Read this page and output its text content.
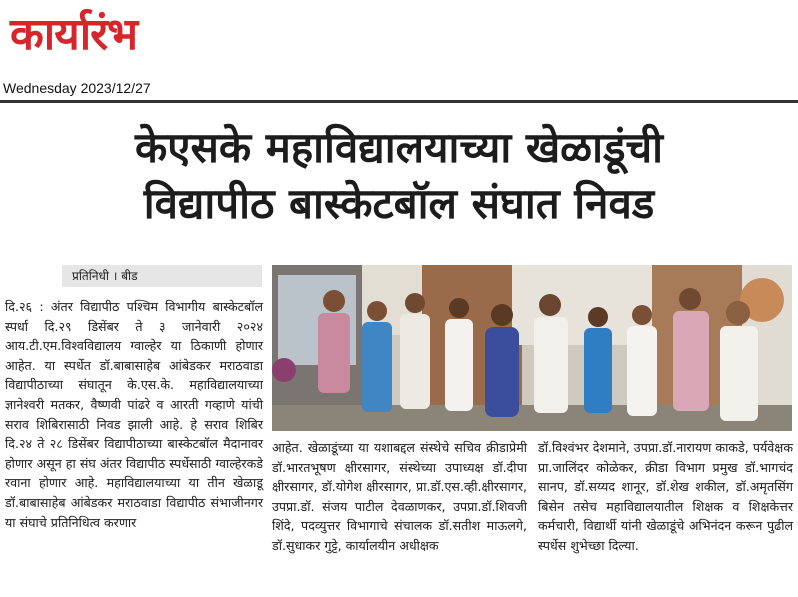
कार्यारंभ
Wednesday 2023/12/27
केएसके महाविद्यालयाच्या खेळाडूंची
विद्यापीठ बास्केटबॉल संघात निवड
प्रतिनिधी । बीड
दि.२६ : अंतर विद्यापीठ पश्चिम विभागीय बास्केटबॉल स्पर्धा दि.२९ डिसेंबर ते ३ जानेवारी २०२४ आय.टी.एम.विश्वविद्यालय ग्वाल्हेर या ठिकाणी होणार आहेत. या स्पर्धेत डॉ.बाबासाहेब आंबेडकर मराठवाडा विद्यापीठाच्या संघातून के.एस.के. महाविद्यालयाच्या ज्ञानेश्वरी मतकर, वैष्णवी पांढरे व आरती गव्हाणे यांची सराव शिबिरासाठी निवड झाली आहे. हे सराव शिबिर दि.२४ ते २८ डिसेंबर विद्यापीठाच्या बास्केटबॉल मैदानावर होणार असून हा संघ अंतर विद्यापीठ स्पर्धेसाठी ग्वाल्हेरकडे रवाना होणार आहे. महाविद्यालयाच्या या तीन खेळाडू डॉ.बाबासाहेब आंबेडकर मराठवाडा विद्यापीठ संभाजीनगर या संघाचे प्रतिनिधित्व करणार
आहेत. खेळाडूंच्या या यशाबद्दल संस्थेचे सचिव क्रीडाप्रेमी डॉ.भारतभूषण क्षीरसागर, संस्थेच्या उपाध्यक्ष डॉ.दीपा क्षीरसागर, डॉ.योगेश क्षीरसागर, प्रा.डॉ.एस.व्ही.क्षीरसागर, उपप्रा.डॉ. संजय पाटील देवळाणकर, उपप्रा.डॉ.शिवजी शिंदे, पदव्युत्तर विभागाचे संचालक डॉ.सतीश माऊलगे, डॉ.सुधाकर गुट्टे, कार्यालयीन अधीक्षक
डॉ.विश्वंभर देशमाने, उपप्रा.डॉ.नारायण काकडे, पर्यवेक्षक प्रा.जालिंदर कोळेकर, क्रीडा विभाग प्रमुख डॉ.भागचंद सानप, डॉ.सय्यद शानूर, डॉ.शेख शकील, डॉ.अमृतसिंग बिसेन तसेच महाविद्यालयातील शिक्षक व शिक्षकेत्तर कर्मचारी, विद्यार्थी यांनी खेळाडूंचे अभिनंदन करून पुढील स्पर्धेस शुभेच्छा दिल्या.
